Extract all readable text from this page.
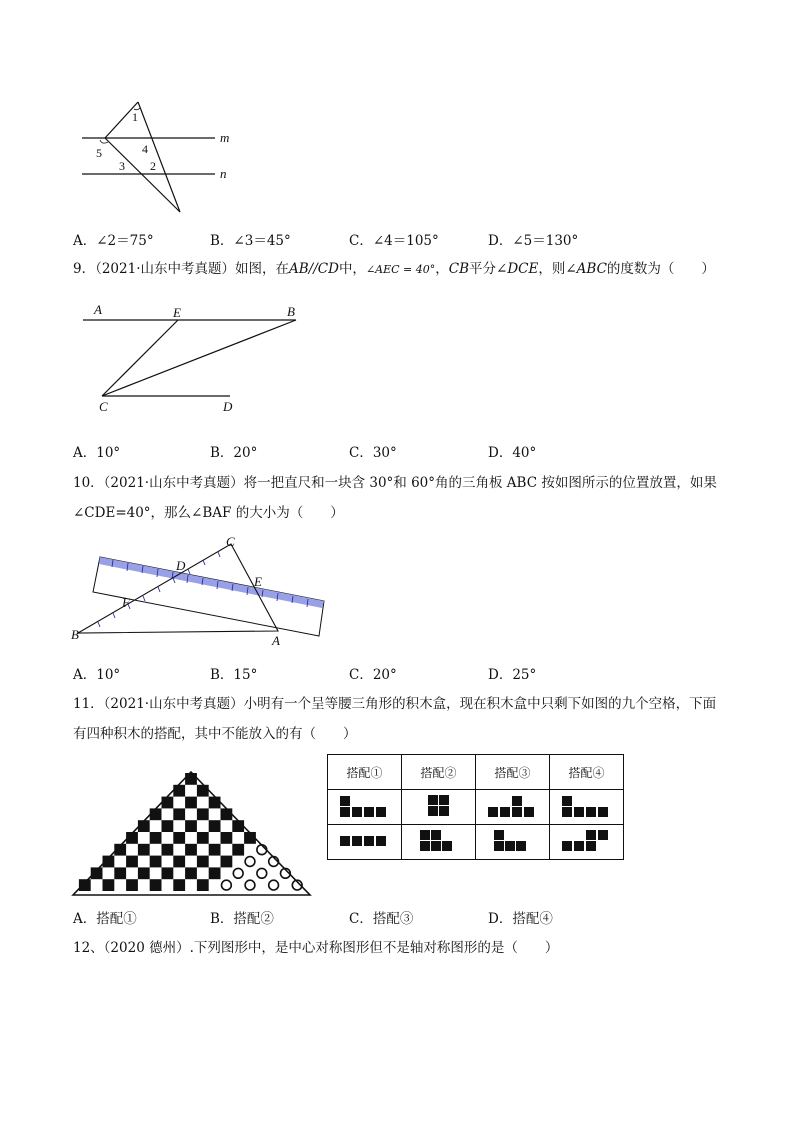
m
n
1
4
5
3 2
A．∠2＝75°	B．∠3＝45°	C．∠4＝105°	D．∠5＝130°
9．（2021·山东中考真题）如图，在AB//CD中，∠AEC = 40°，CB平分∠DCE，则∠ABC的度数为（　　）
A	E	B
C	D
A．10°	B．20°	C．30°	D．40°
10．（2021·山东中考真题）将一把直尺和一块含 30°和 60°角的三角板 ABC 按如图所示的位置放置，如果
∠CDE=40°，那么∠BAF 的大小为（　　）
C
D
E
F
B	A
A．10°	B．15°	C．20°	D．25°
11．（2021·山东中考真题）小明有一个呈等腰三角形的积木盒，现在积木盒中只剩下如图的九个空格，下面
有四种积木的搭配，其中不能放入的有（　　）
搭配①	搭配②	搭配③	搭配④

A．搭配①	B．搭配②	C．搭配③	D．搭配④
12、（2020 德州）.下列图形中，是中心对称图形但不是轴对称图形的是（　　）
